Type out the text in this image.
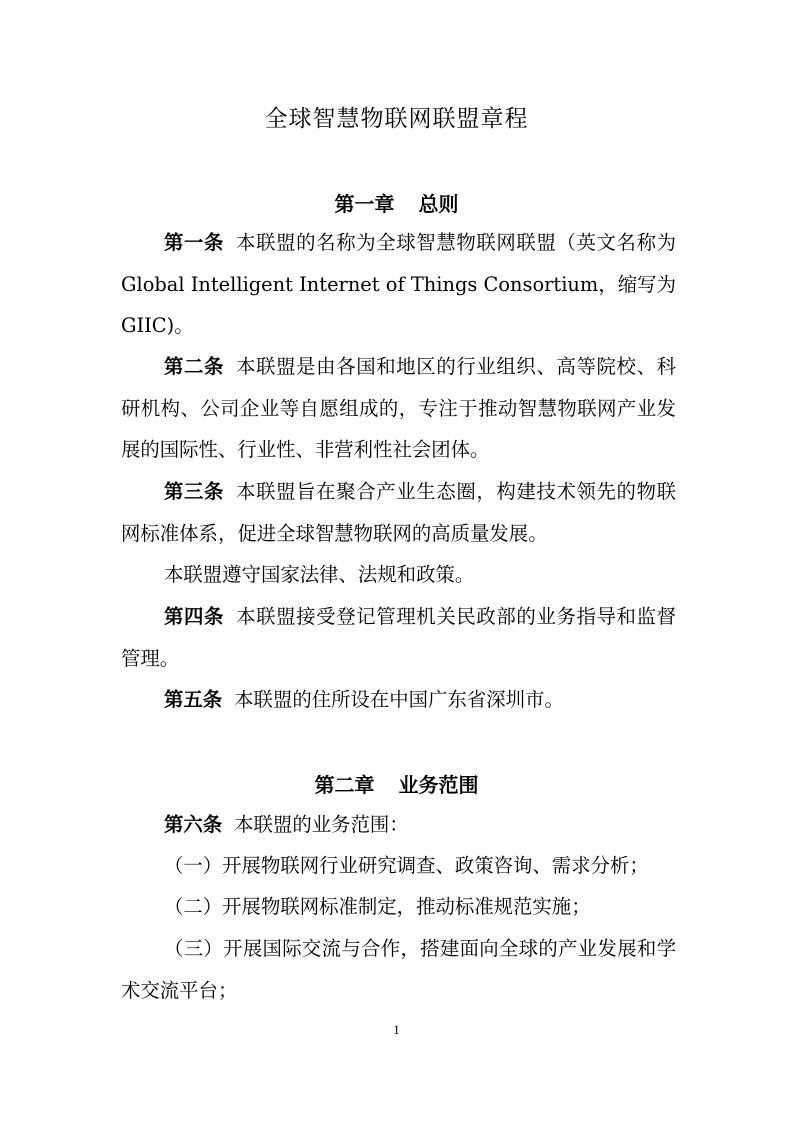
全球智慧物联网联盟章程
第一章 总则

第一条 本联盟的名称为全球智慧物联网联盟（英文名称为Global Intelligent Internet of Things Consortium，缩写为GIIC)。

第二条 本联盟是由各国和地区的行业组织、高等院校、科研机构、公司企业等自愿组成的，专注于推动智慧物联网产业发展的国际性、行业性、非营利性社会团体。

第三条 本联盟旨在聚合产业生态圈，构建技术领先的物联网标准体系，促进全球智慧物联网的高质量发展。

本联盟遵守国家法律、法规和政策。

第四条 本联盟接受登记管理机关民政部的业务指导和监督管理。

第五条 本联盟的住所设在中国广东省深圳市。

第二章 业务范围

第六条 本联盟的业务范围：

（一）开展物联网行业研究调查、政策咨询、需求分析；
（二）开展物联网标准制定，推动标准规范实施；

（三）开展国际交流与合作，搭建面向全球的产业发展和学术交流平台；

1
